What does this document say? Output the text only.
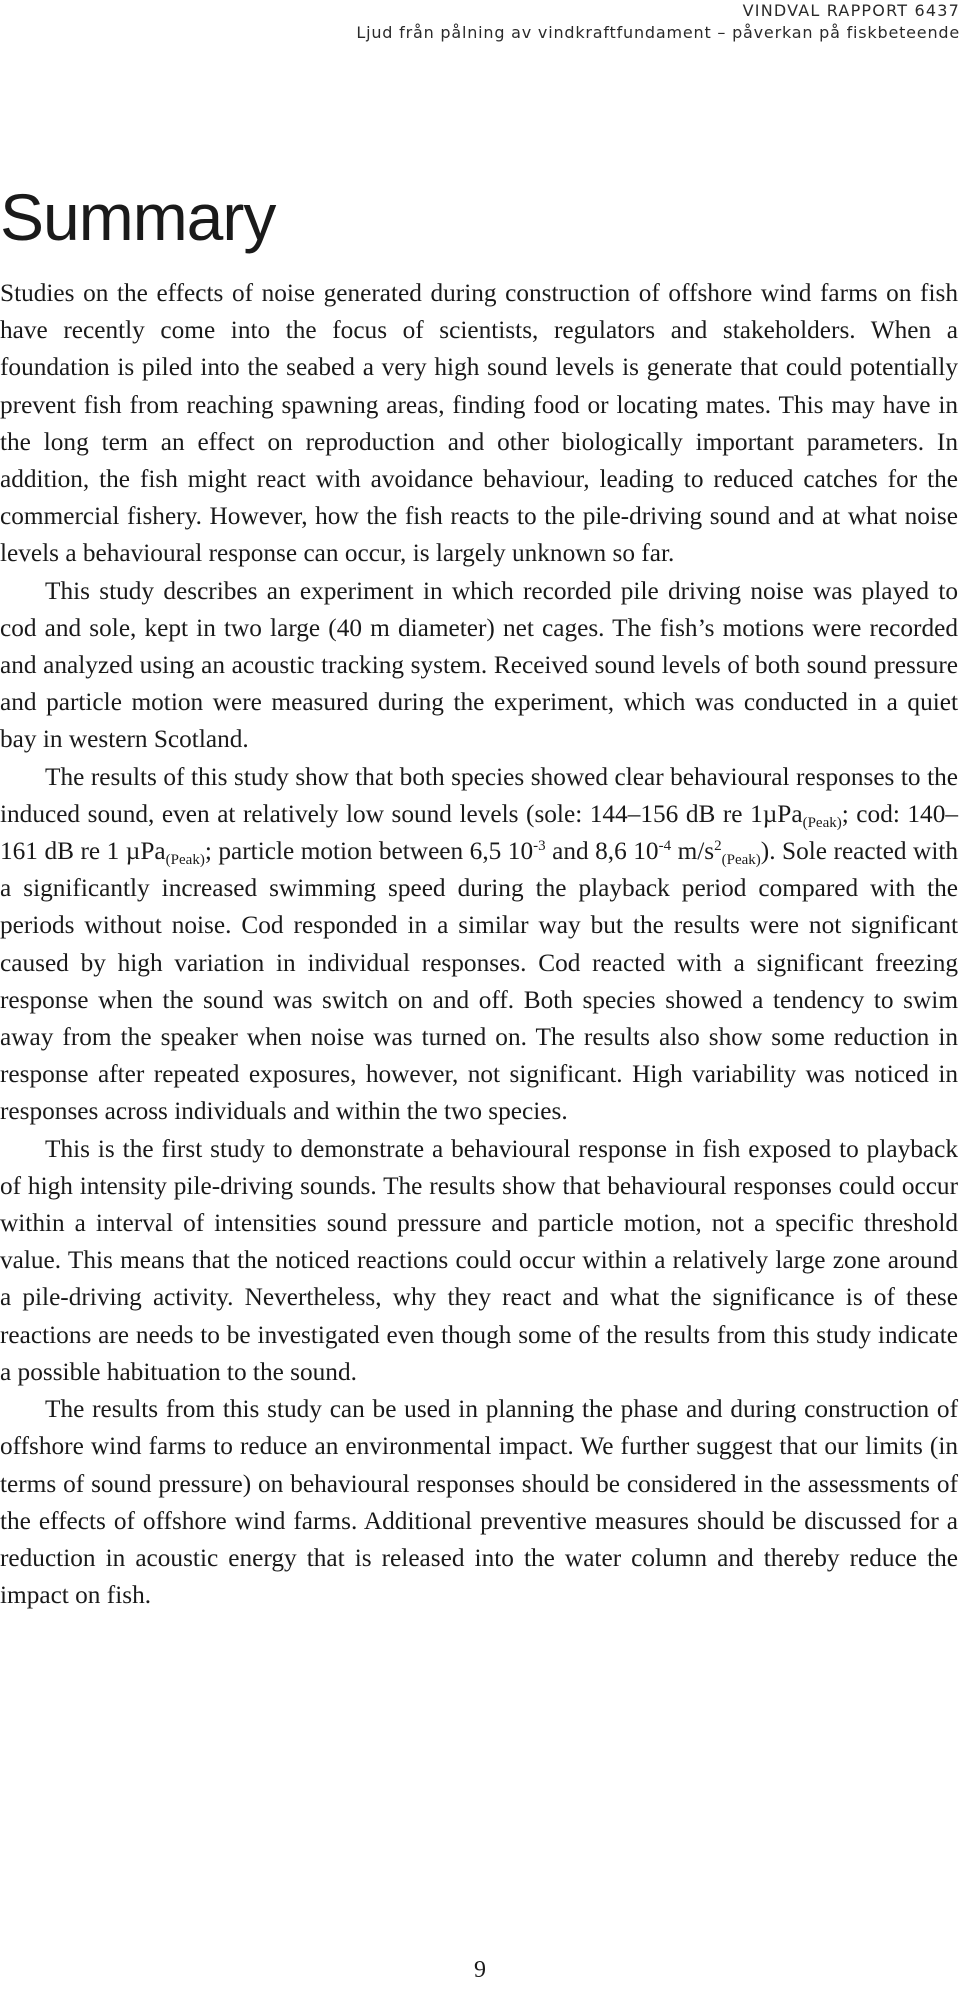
VINDVAL RAPPORT 6437
Ljud från pålning av vindkraftfundament – påverkan på fiskbeteende
Summary

Studies on the effects of noise generated during construction of offshore wind farms on fish have recently come into the focus of scientists, regulators and stakeholders. When a foundation is piled into the seabed a very high sound levels is generate that could potentially prevent fish from reaching spawning areas, finding food or locating mates. This may have in the long term an effect on reproduction and other biologically important parameters. In addition, the fish might react with avoidance behaviour, leading to reduced catches for the commercial fishery. However, how the fish reacts to the pile-driving sound and at what noise levels a behavioural response can occur, is largely unknown so far.

This study describes an experiment in which recorded pile driving noise was played to cod and sole, kept in two large (40 m diameter) net cages. The fish’s motions were recorded and analyzed using an acoustic tracking system. Received sound levels of both sound pressure and particle motion were measured during the experiment, which was conducted in a quiet bay in western Scotland.

The results of this study show that both species showed clear behavioural responses to the induced sound, even at relatively low sound levels (sole: 144–156 dB re 1µPa$_{(Peak)}$; cod: 140–161 dB re 1 µPa$_{(Peak)}$; particle motion between 6,5 $10^{-3}$ and 8,6 $10^{-4}$ $m/s^2_{(Peak)}$). Sole reacted with a significantly increased swimming speed during the playback period compared with the periods without noise. Cod responded in a similar way but the results were not significant caused by high variation in individual responses. Cod reacted with a significant freezing response when the sound was switch on and off. Both species showed a tendency to swim away from the speaker when noise was turned on. The results also show some reduction in response after repeated exposures, however, not significant. High variability was noticed in responses across individuals and within the two species.

This is the first study to demonstrate a behavioural response in fish exposed to playback of high intensity pile-driving sounds. The results show that behavioural responses could occur within a interval of intensities sound pressure and particle motion, not a specific threshold value. This means that the noticed reactions could occur within a relatively large zone around a pile-driving activity. Nevertheless, why they react and what the significance is of these reactions are needs to be investigated even though some of the results from this study indicate a possible habituation to the sound.

The results from this study can be used in planning the phase and during construction of offshore wind farms to reduce an environmental impact. We further suggest that our limits (in terms of sound pressure) on behavioural responses should be considered in the assessments of the effects of offshore wind farms. Additional preventive measures should be discussed for a reduction in acoustic energy that is released into the water column and thereby reduce the impact on fish.

9
